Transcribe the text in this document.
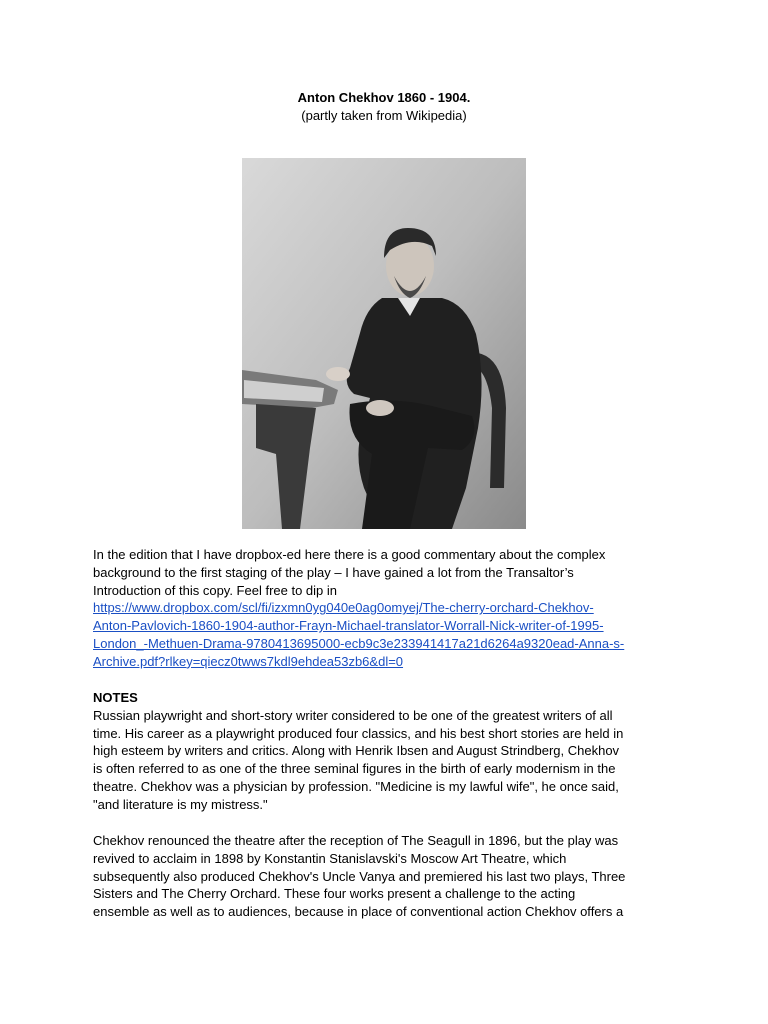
Anton Chekhov 1860 - 1904.
(partly taken from Wikipedia)
In the edition that I have dropbox-ed here there is a good commentary about the complex
background to the first staging of the play – I have gained a lot from the Transaltor’s
Introduction of this copy. Feel free to dip in
https://www.dropbox.com/scl/fi/izxmn0yg040e0ag0omyej/The-cherry-orchard-Chekhov-
Anton-Pavlovich-1860-1904-author-Frayn-Michael-translator-Worrall-Nick-writer-of-1995-
London_-Methuen-Drama-9780413695000-ecb9c3e233941417a21d6264a9320ead-Anna-s-
Archive.pdf?rlkey=qiecz0twws7kdl9ehdea53zb6&dl=0
NOTES
Russian playwright and short-story writer considered to be one of the greatest writers of all
time. His career as a playwright produced four classics, and his best short stories are held in
high esteem by writers and critics. Along with Henrik Ibsen and August Strindberg, Chekhov
is often referred to as one of the three seminal figures in the birth of early modernism in the
theatre. Chekhov was a physician by profession. "Medicine is my lawful wife", he once said,
"and literature is my mistress."
Chekhov renounced the theatre after the reception of The Seagull in 1896, but the play was
revived to acclaim in 1898 by Konstantin Stanislavski's Moscow Art Theatre, which
subsequently also produced Chekhov's Uncle Vanya and premiered his last two plays, Three
Sisters and The Cherry Orchard. These four works present a challenge to the acting
ensemble as well as to audiences, because in place of conventional action Chekhov offers a
